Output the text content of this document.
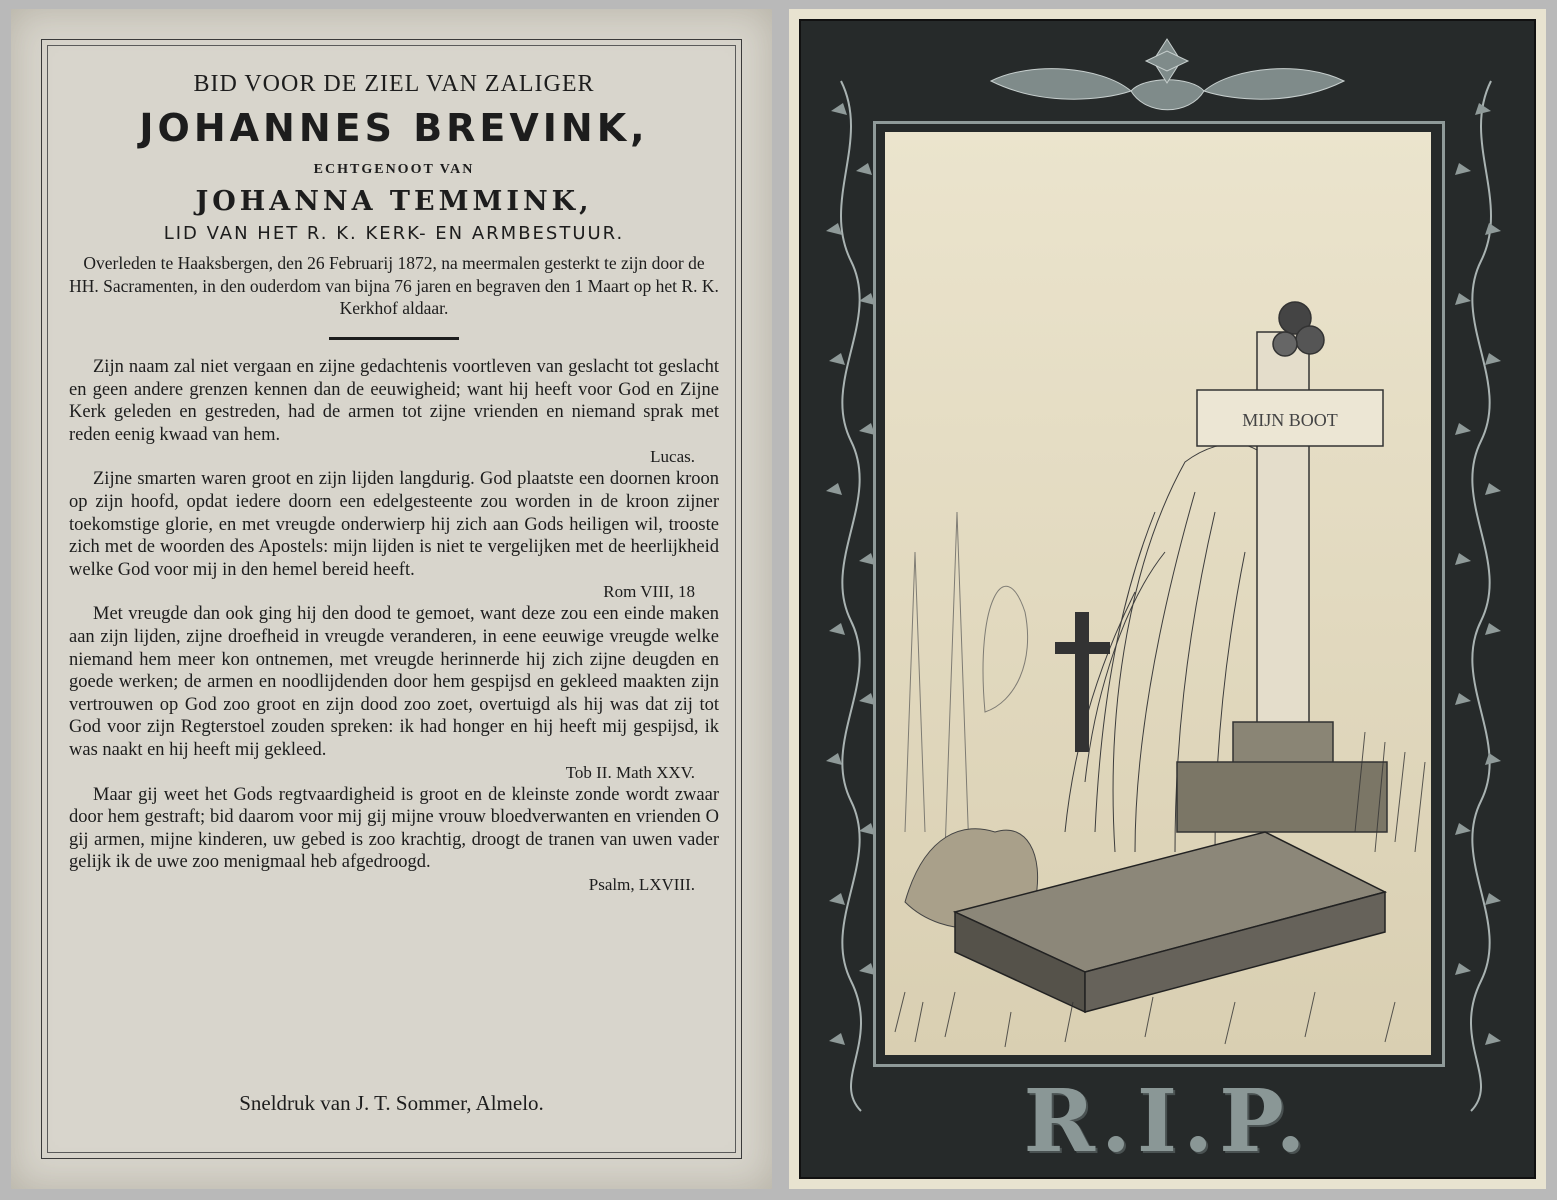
BID VOOR DE ZIEL VAN ZALIGER

JOHANNES BREVINK,

ECHTGENOOT VAN

JOHANNA TEMMINK,

LID VAN HET R. K. KERK- EN ARMBESTUUR.

Overleden te Haaksbergen, den 26 Februarij 1872, na meermalen gesterkt te zijn door de HH. Sacramenten, in den ouderdom van bijna 76 jaren en begraven den 1 Maart op het R. K. Kerkhof aldaar.

Zijn naam zal niet vergaan en zijne gedachtenis voortleven van geslacht tot geslacht en geen andere grenzen kennen dan de eeuwigheid; want hij heeft voor God en Zijne Kerk geleden en gestreden, had de armen tot zijne vrienden en niemand sprak met reden eenig kwaad van hem.

Lucas.

Zijne smarten waren groot en zijn lijden langdurig. God plaatste een doornen kroon op zijn hoofd, opdat iedere doorn een edelgesteente zou worden in de kroon zijner toekomstige glorie, en met vreugde onderwierp hij zich aan Gods heiligen wil, trooste zich met de woorden des Apostels: mijn lijden is niet te vergelijken met de heerlijkheid welke God voor mij in den hemel bereid heeft.

Rom VIII, 18

Met vreugde dan ook ging hij den dood te gemoet, want deze zou een einde maken aan zijn lijden, zijne droefheid in vreugde veranderen, in eene eeuwige vreugde welke niemand hem meer kon ontnemen, met vreugde herinnerde hij zich zijne deugden en goede werken; de armen en noodlijdenden door hem gespijsd en gekleed maakten zijn vertrouwen op God zoo groot en zijn dood zoo zoet, overtuigd als hij was dat zij tot God voor zijn Regterstoel zouden spreken: ik had honger en hij heeft mij gespijsd, ik was naakt en hij heeft mij gekleed.

Tob II. Math XXV.

Maar gij weet het Gods regtvaardigheid is groot en de kleinste zonde wordt zwaar door hem gestraft; bid daarom voor mij gij mijne vrouw bloedverwanten en vrienden O gij armen, mijne kinderen, uw gebed is zoo krachtig, droogt de tranen van uwen vader gelijk ik de uwe zoo menigmaal heb afgedroogd.

Psalm, LXVIII.

Sneldruk van J. T. Sommer, Almelo.
MIJN BOOT
R.I.P.
